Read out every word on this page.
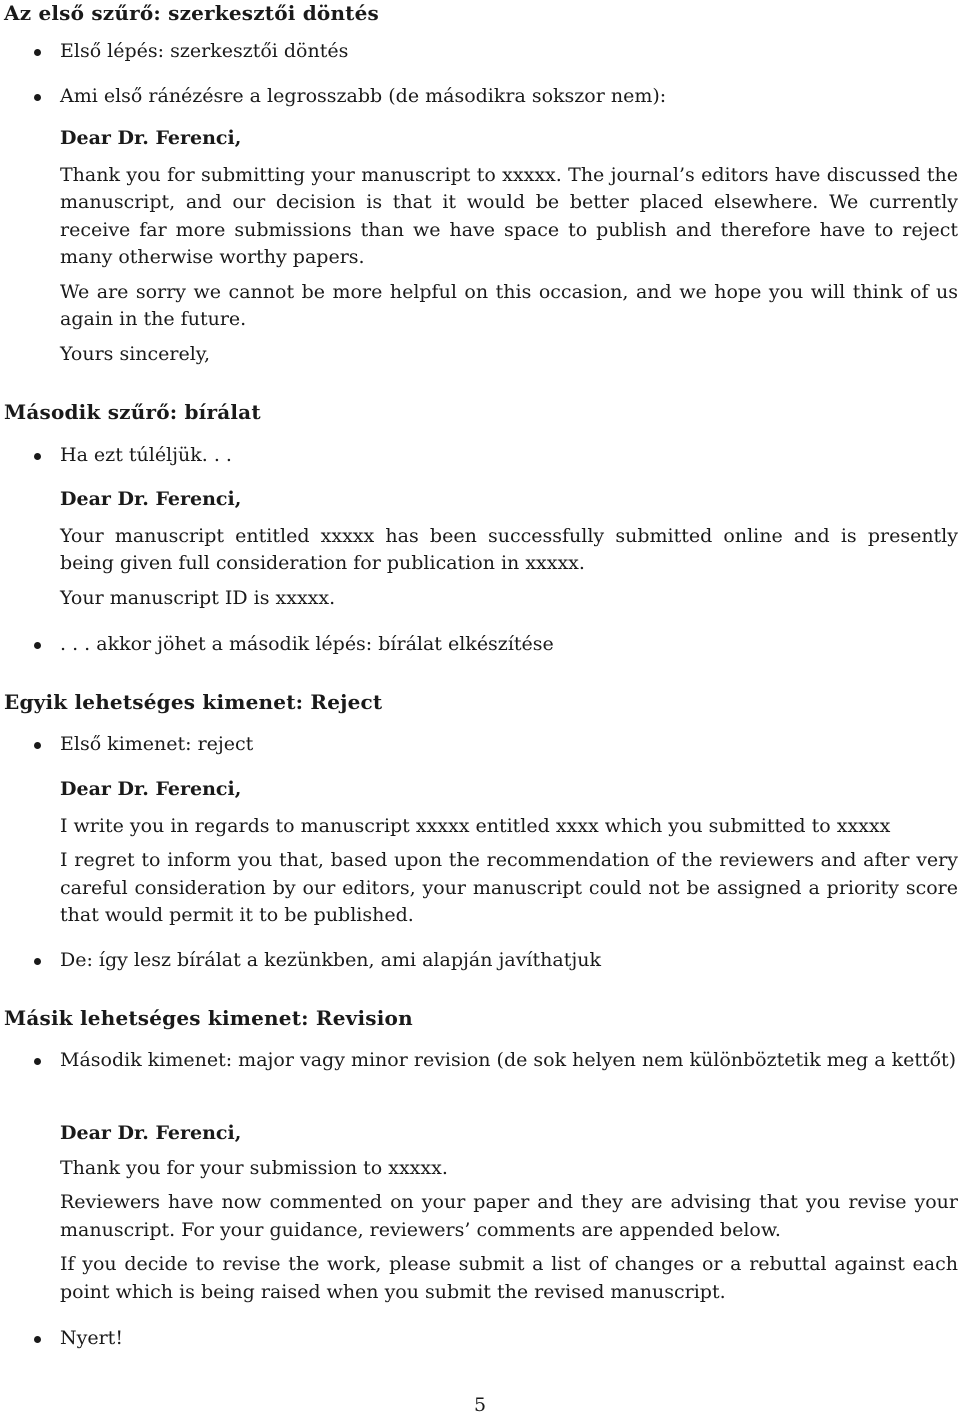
Az első szűrő: szerkesztői döntés
Első lépés: szerkesztői döntés
Ami első ránézésre a legrosszabb (de másodikra sokszor nem):

Dear Dr. Ferenci,

Thank you for submitting your manuscript to xxxxx. The journal’s editors have discussed the manuscript, and our decision is that it would be better placed elsewhere. We currently receive far more submissions than we have space to publish and therefore have to reject many otherwise worthy papers.

We are sorry we cannot be more helpful on this occasion, and we hope you will think of us again in the future.

Yours sincerely,

Második szűrő: bírálat
Ha ezt túléljük. . .

Dear Dr. Ferenci,

Your manuscript entitled xxxxx has been successfully submitted online and is presently being given full consideration for publication in xxxxx.

Your manuscript ID is xxxxx.

. . . akkor jöhet a második lépés: bírálat elkészítése
Egyik lehetséges kimenet: Reject
Első kimenet: reject

Dear Dr. Ferenci,

I write you in regards to manuscript xxxxx entitled xxxx which you submitted to xxxxx

I regret to inform you that, based upon the recommendation of the reviewers and after very careful consideration by our editors, your manuscript could not be assigned a priority score that would permit it to be published.

De: így lesz bírálat a kezünkben, ami alapján javíthatjuk
Másik lehetséges kimenet: Revision
Második kimenet: major vagy minor revision (de sok helyen nem különböztetik meg a kettőt)

Dear Dr. Ferenci,

Thank you for your submission to xxxxx.

Reviewers have now commented on your paper and they are advising that you revise your manuscript. For your guidance, reviewers’ comments are appended below.

If you decide to revise the work, please submit a list of changes or a rebuttal against each point which is being raised when you submit the revised manuscript.

Nyert!
5
